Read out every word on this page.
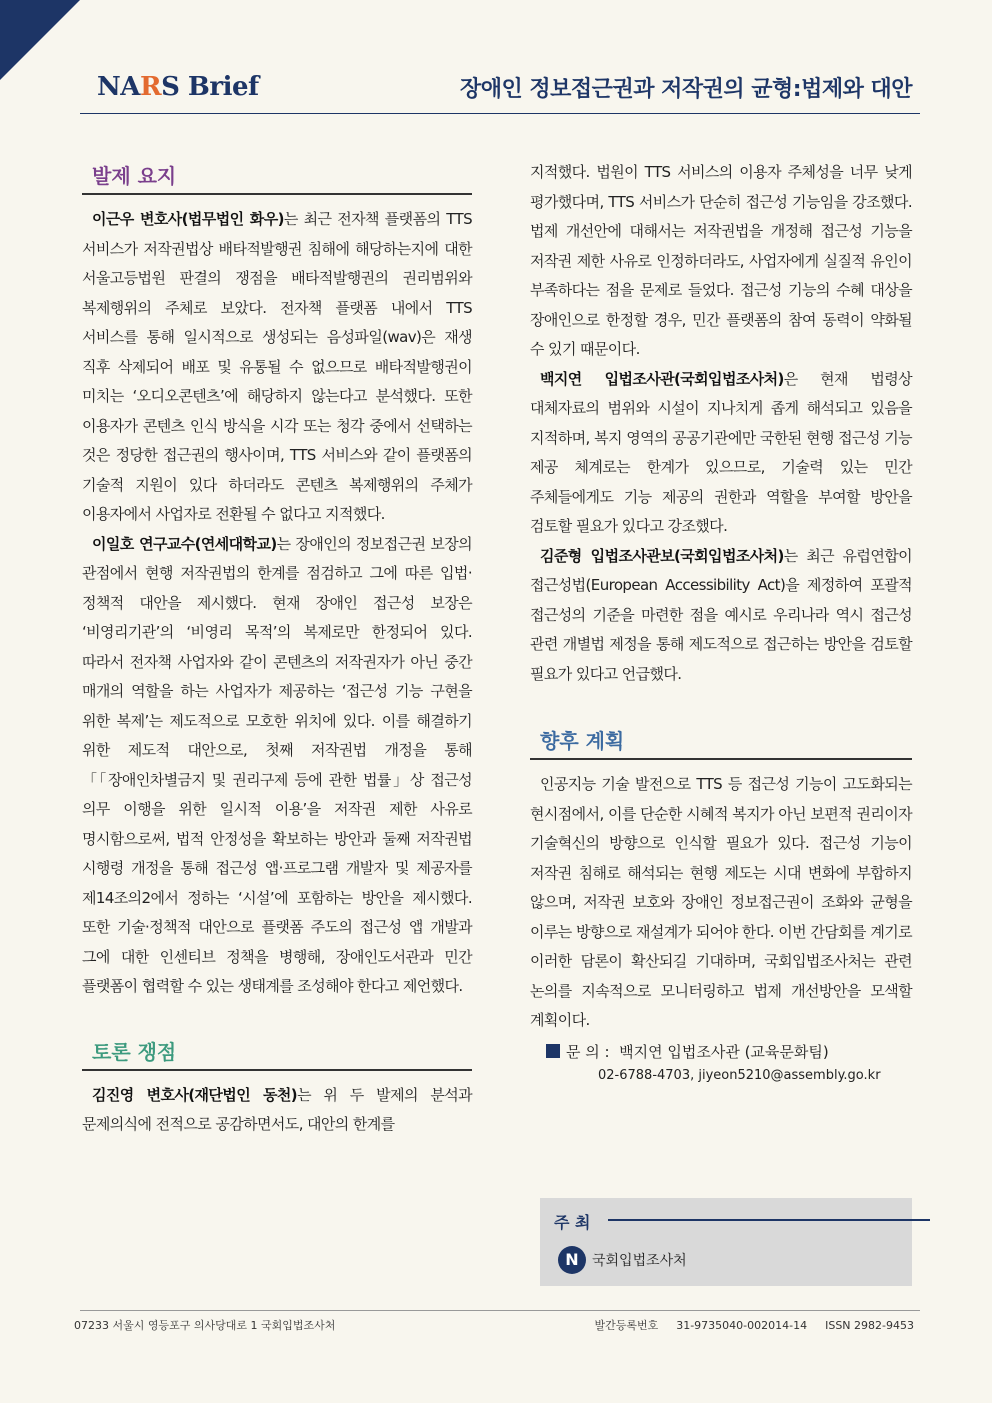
NARS Brief	장애인 정보접근권과 저작권의 균형:법제와 대안
발제 요지

이근우 변호사(법무법인 화우)는 최근 전자책 플랫폼의 TTS 서비스가 저작권법상 배타적발행권 침해에 해당하는지에 대한 서울고등법원 판결의 쟁점을 배타적발행권의 권리범위와 복제행위의 주체로 보았다. 전자책 플랫폼 내에서 TTS 서비스를 통해 일시적으로 생성되는 음성파일(wav)은 재생 직후 삭제되어 배포 및 유통될 수 없으므로 배타적발행권이 미치는 ‘오디오콘텐츠’에 해당하지 않는다고 분석했다. 또한 이용자가 콘텐츠 인식 방식을 시각 또는 청각 중에서 선택하는 것은 정당한 접근권의 행사이며, TTS 서비스와 같이 플랫폼의 기술적 지원이 있다 하더라도 콘텐츠 복제행위의 주체가 이용자에서 사업자로 전환될 수 없다고 지적했다.

이일호 연구교수(연세대학교)는 장애인의 정보접근권 보장의 관점에서 현행 저작권법의 한계를 점검하고 그에 따른 입법·정책적 대안을 제시했다. 현재 장애인 접근성 보장은 ‘비영리기관’의 ‘비영리 목적’의 복제로만 한정되어 있다. 따라서 전자책 사업자와 같이 콘텐츠의 저작권자가 아닌 중간 매개의 역할을 하는 사업자가 제공하는 ‘접근성 기능 구현을 위한 복제’는 제도적으로 모호한 위치에 있다. 이를 해결하기 위한 제도적 대안으로, 첫째 저작권법 개정을 통해 「「장애인차별금지 및 권리구제 등에 관한 법률」상 접근성 의무 이행을 위한 일시적 이용’을 저작권 제한 사유로 명시함으로써, 법적 안정성을 확보하는 방안과 둘째 저작권법 시행령 개정을 통해 접근성 앱·프로그램 개발자 및 제공자를 제14조의2에서 정하는 ‘시설’에 포함하는 방안을 제시했다. 또한 기술·정책적 대안으로 플랫폼 주도의 접근성 앱 개발과 그에 대한 인센티브 정책을 병행해, 장애인도서관과 민간 플랫폼이 협력할 수 있는 생태계를 조성해야 한다고 제언했다.

토론 쟁점

김진영 변호사(재단법인 동천)는 위 두 발제의 분석과 문제의식에 전적으로 공감하면서도, 대안의 한계를

지적했다. 법원이 TTS 서비스의 이용자 주체성을 너무 낮게 평가했다며, TTS 서비스가 단순히 접근성 기능임을 강조했다. 법제 개선안에 대해서는 저작권법을 개정해 접근성 기능을 저작권 제한 사유로 인정하더라도, 사업자에게 실질적 유인이 부족하다는 점을 문제로 들었다. 접근성 기능의 수혜 대상을 장애인으로 한정할 경우, 민간 플랫폼의 참여 동력이 약화될 수 있기 때문이다.

백지연 입법조사관(국회입법조사처)은 현재 법령상 대체자료의 범위와 시설이 지나치게 좁게 해석되고 있음을 지적하며, 복지 영역의 공공기관에만 국한된 현행 접근성 기능 제공 체계로는 한계가 있으므로, 기술력 있는 민간 주체들에게도 기능 제공의 권한과 역할을 부여할 방안을 검토할 필요가 있다고 강조했다.

김준형 입법조사관보(국회입법조사처)는 최근 유럽연합이 접근성법(European Accessibility Act)을 제정하여 포괄적 접근성의 기준을 마련한 점을 예시로 우리나라 역시 접근성 관련 개별법 제정을 통해 제도적으로 접근하는 방안을 검토할 필요가 있다고 언급했다.

향후 계획

인공지능 기술 발전으로 TTS 등 접근성 기능이 고도화되는 현시점에서, 이를 단순한 시혜적 복지가 아닌 보편적 권리이자 기술혁신의 방향으로 인식할 필요가 있다. 접근성 기능이 저작권 침해로 해석되는 현행 제도는 시대 변화에 부합하지 않으며, 저작권 보호와 장애인 정보접근권이 조화와 균형을 이루는 방향으로 재설계가 되어야 한다. 이번 간담회를 계기로 이러한 담론이 확산되길 기대하며, 국회입법조사처는 관련 논의를 지속적으로 모니터링하고 법제 개선방안을 모색할 계획이다.

문 의 : 백지연 입법조사관 (교육문화팀)
02-6788-4703, jiyeon5210@assembly.go.kr
주 최
N 국회입법조사처
07233 서울시 영등포구 의사당대로 1 국회입법조사처	발간등록번호 31-9735040-002014-14 ISSN 2982-9453
